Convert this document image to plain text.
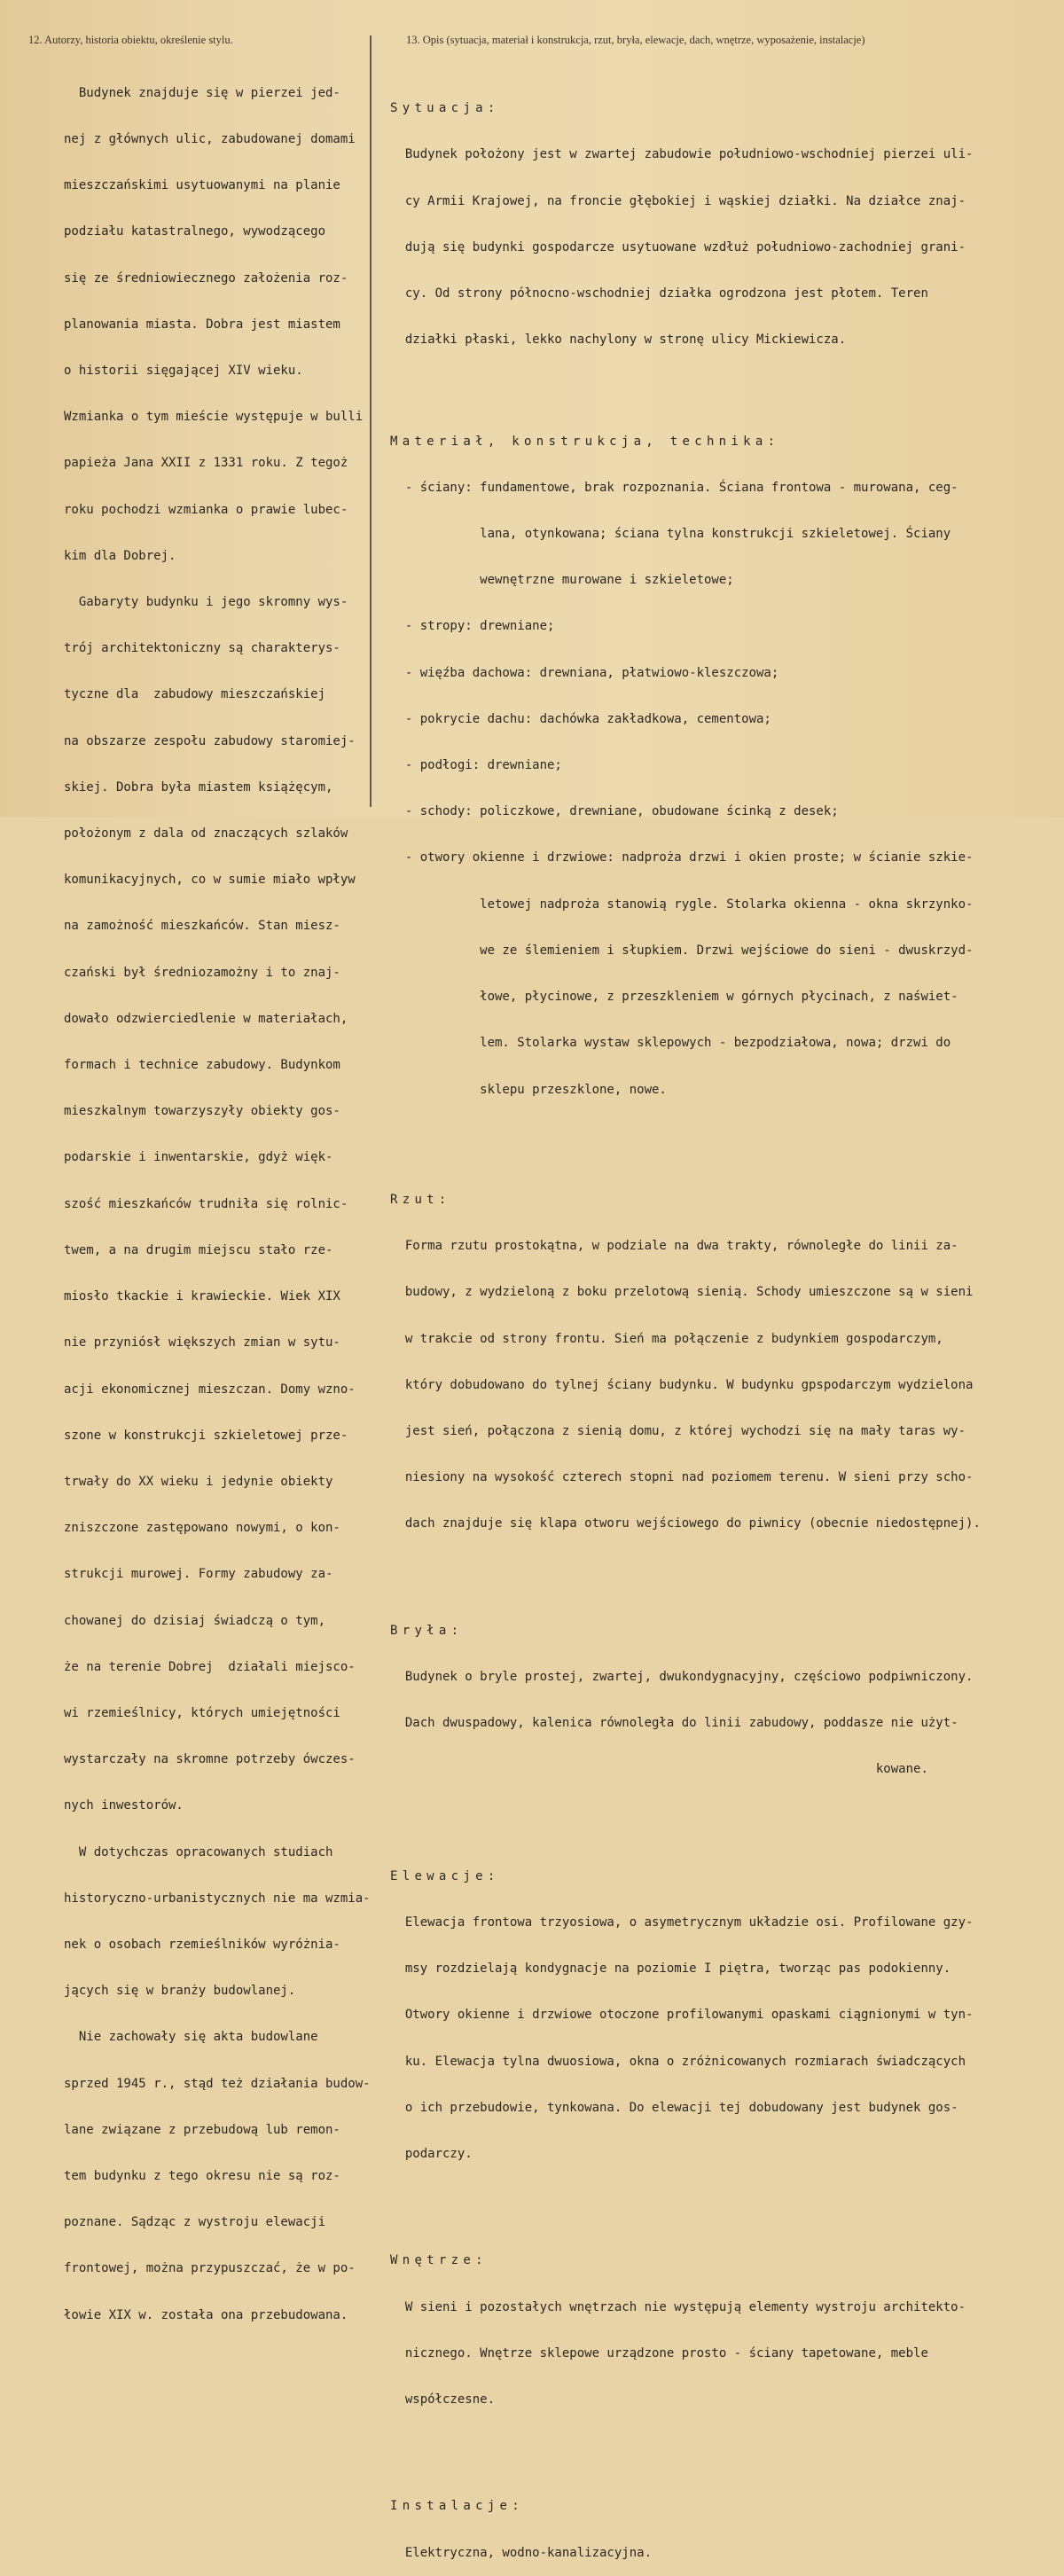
12. Autorzy, historia obiektu, określenie stylu.	13. Opis (sytuacja, materiał i konstrukcja, rzut, bryła, elewacje, dach, wnętrze, wyposażenie, instalacje)

Budynek znajduje się w pierzei jed-

nej z głównych ulic, zabudowanej domami

mieszczańskimi usytuowanymi na planie

podziału katastralnego, wywodzącego

się ze średniowiecznego założenia roz-

planowania miasta. Dobra jest miastem

o historii sięgającej XIV wieku.

Wzmianka o tym mieście występuje w bulli

papieża Jana XXII z 1331 roku. Z tegoż

roku pochodzi wzmianka o prawie lubec-

kim dla Dobrej.

Gabaryty budynku i jego skromny wys-

trój architektoniczny są charakterys-

tyczne dla  zabudowy mieszczańskiej

na obszarze zespołu zabudowy staromiej-

skiej. Dobra była miastem książęcym,

położonym z dala od znaczących szlaków

komunikacyjnych, co w sumie miało wpływ

na zamożność mieszkańców. Stan miesz-

czański był średniozamożny i to znaj-

dowało odzwierciedlenie w materiałach,

formach i technice zabudowy. Budynkom

mieszkalnym towarzyszyły obiekty gos-

podarskie i inwentarskie, gdyż więk-

szość mieszkańców trudniła się rolnic-

twem, a na drugim miejscu stało rze-

miosło tkackie i krawieckie. Wiek XIX

nie przyniósł większych zmian w sytu-

acji ekonomicznej mieszczan. Domy wzno-

szone w konstrukcji szkieletowej prze-

trwały do XX wieku i jedynie obiekty

zniszczone zastępowano nowymi, o kon-

strukcji murowej. Formy zabudowy za-

chowanej do dzisiaj świadczą o tym,

że na terenie Dobrej  działali miejsco-

wi rzemieślnicy, których umiejętności

wystarczały na skromne potrzeby ówczes-

nych inwestorów.

W dotychczas opracowanych studiach

historyczno-urbanistycznych nie ma wzmia-

nek o osobach rzemieślników wyróżnia-

jących się w branży budowlanej.

Nie zachowały się akta budowlane

sprzed 1945 r., stąd też działania budow-

lane związane z przebudową lub remon-

tem budynku z tego okresu nie są roz-

poznane. Sądząc z wystroju elewacji

frontowej, można przypuszczać, że w po-

łowie XIX w. została ona przebudowana.

Sytuacja:

Budynek położony jest w zwartej zabudowie południowo-wschodniej pierzei uli-

cy Armii Krajowej, na froncie głębokiej i wąskiej działki. Na działce znaj-

dują się budynki gospodarcze usytuowane wzdłuż południowo-zachodniej grani-

cy. Od strony północno-wschodniej działka ogrodzona jest płotem. Teren

działki płaski, lekko nachylony w stronę ulicy Mickiewicza.

Materiał, konstrukcja, technika:

- ściany: fundamentowe, brak rozpoznania. Ściana frontowa - murowana, ceg-

lana, otynkowana; ściana tylna konstrukcji szkieletowej. Ściany

wewnętrzne murowane i szkieletowe;

- stropy: drewniane;

- więźba dachowa: drewniana, płatwiowo-kleszczowa;

- pokrycie dachu: dachówka zakładkowa, cementowa;

- podłogi: drewniane;

- schody: policzkowe, drewniane, obudowane ścinką z desek;

- otwory okienne i drzwiowe: nadproża drzwi i okien proste; w ścianie szkie-

letowej nadproża stanowią rygle. Stolarka okienna - okna skrzynko-

we ze ślemieniem i słupkiem. Drzwi wejściowe do sieni - dwuskrzyd-

łowe, płycinowe, z przeszkleniem w górnych płycinach, z naświet-

lem. Stolarka wystaw sklepowych - bezpodziałowa, nowa; drzwi do

sklepu przeszklone, nowe.

Rzut:

Forma rzutu prostokątna, w podziale na dwa trakty, równoległe do linii za-

budowy, z wydzieloną z boku przelotową sienią. Schody umieszczone są w sieni

w trakcie od strony frontu. Sień ma połączenie z budynkiem gospodarczym,

który dobudowano do tylnej ściany budynku. W budynku gpspodarczym wydzielona

jest sień, połączona z sienią domu, z której wychodzi się na mały taras wy-

niesiony na wysokość czterech stopni nad poziomem terenu. W sieni przy scho-

dach znajduje się klapa otworu wejściowego do piwnicy (obecnie niedostępnej).

Bryła:

Budynek o bryle prostej, zwartej, dwukondygnacyjny, częściowo podpiwniczony.

Dach dwuspadowy, kalenica równoległa do linii zabudowy, poddasze nie użyt-

kowane.

Elewacje:

Elewacja frontowa trzyosiowa, o asymetrycznym układzie osi. Profilowane gzy-

msy rozdzielają kondygnacje na poziomie I piętra, tworząc pas podokienny.

Otwory okienne i drzwiowe otoczone profilowanymi opaskami ciągnionymi w tyn-

ku. Elewacja tylna dwuosiowa, okna o zróżnicowanych rozmiarach świadczących

o ich przebudowie, tynkowana. Do elewacji tej dobudowany jest budynek gos-

podarczy.

Wnętrze:

W sieni i pozostałych wnętrzach nie występują elementy wystroju architekto-

nicznego. Wnętrze sklepowe urządzone prosto - ściany tapetowane, meble

współczesne.

Instalacje:

Elektryczna, wodno-kanalizacyjna.
